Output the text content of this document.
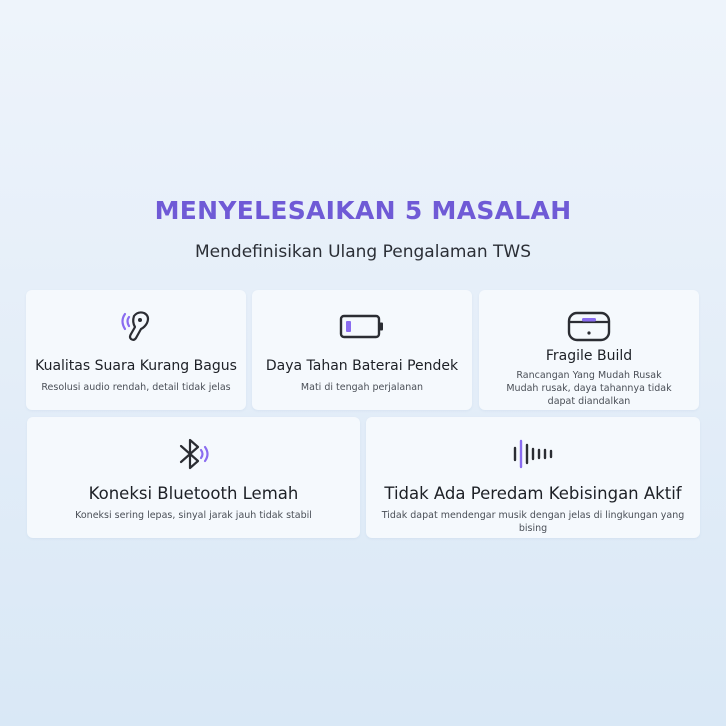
MENYELESAIKAN 5 MASALAH
Mendefinisikan Ulang Pengalaman TWS
Kualitas Suara Kurang Bagus
Resolusi audio rendah, detail tidak jelas
Daya Tahan Baterai Pendek
Mati di tengah perjalanan
Fragile Build
Rancangan Yang Mudah Rusak
Mudah rusak, daya tahannya tidak dapat diandalkan
Koneksi Bluetooth Lemah
Koneksi sering lepas, sinyal jarak jauh tidak stabil
Tidak Ada Peredam Kebisingan Aktif
Tidak dapat mendengar musik dengan jelas di lingkungan yang bising
